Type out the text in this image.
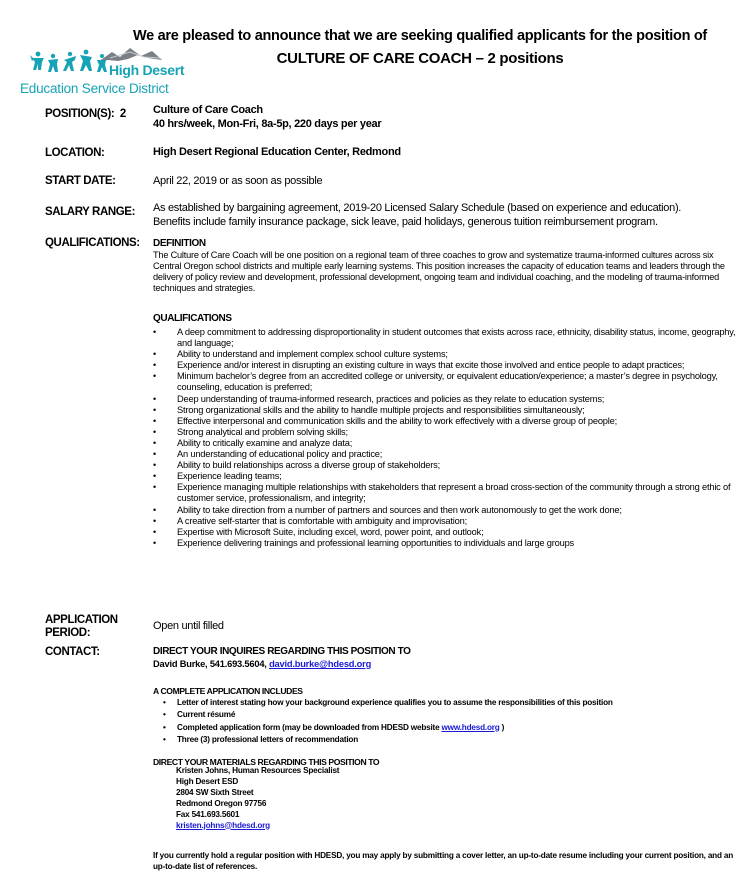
We are pleased to announce that we are seeking qualified applicants for the position of
CULTURE OF CARE COACH – 2 positions
High Desert
Education Service District
POSITION(S): 2 Culture of Care Coach
40 hrs/week, Mon-Fri, 8a-5p, 220 days per year
LOCATION:	High Desert Regional Education Center, Redmond
START DATE:	April 22, 2019 or as soon as possible
SALARY RANGE: As established by bargaining agreement, 2019-20 Licensed Salary Schedule (based on experience and education).
Benefits include family insurance package, sick leave, paid holidays, generous tuition reimbursement program.
QUALIFICATIONS: DEFINITION
The Culture of Care Coach will be one position on a regional team of three coaches to grow and systematize trauma-informed cultures across six Central Oregon school districts and multiple early learning systems. This position increases the capacity of education teams and leaders through the delivery of policy review and development, professional development, ongoing team and individual coaching, and the modeling of trauma-informed techniques and strategies.
QUALIFICATIONS
• A deep commitment to addressing disproportionality in student outcomes that exists across race, ethnicity, disability status, income, geography, and language;
• Ability to understand and implement complex school culture systems;
• Experience and/or interest in disrupting an existing culture in ways that excite those involved and entice people to adapt practices;
• Minimum bachelor’s degree from an accredited college or university, or equivalent education/experience; a master’s degree in psychology, counseling, education is preferred;
• Deep understanding of trauma-informed research, practices and policies as they relate to education systems;
• Strong organizational skills and the ability to handle multiple projects and responsibilities simultaneously;
• Effective interpersonal and communication skills and the ability to work effectively with a diverse group of people;
• Strong analytical and problem solving skills;
• Ability to critically examine and analyze data;
• An understanding of educational policy and practice;
• Ability to build relationships across a diverse group of stakeholders;
• Experience leading teams;
• Experience managing multiple relationships with stakeholders that represent a broad cross-section of the community through a strong ethic of customer service, professionalism, and integrity;
• Ability to take direction from a number of partners and sources and then work autonomously to get the work done;
• A creative self-starter that is comfortable with ambiguity and improvisation;
• Expertise with Microsoft Suite, including excel, word, power point, and outlook;
• Experience delivering trainings and professional learning opportunities to individuals and large groups
APPLICATION
PERIOD:
Open until filled
CONTACT:	DIRECT YOUR INQUIRES REGARDING THIS POSITION TO
David Burke, 541.693.5604, david.burke@hdesd.org
A COMPLETE APPLICATION INCLUDES
• Letter of interest stating how your background experience qualifies you to assume the responsibilities of this position
• Current résumé
• Completed application form (may be downloaded from HDESD website www.hdesd.org )
• Three (3) professional letters of recommendation
DIRECT YOUR MATERIALS REGARDING THIS POSITION TO
Kristen Johns, Human Resources Specialist
High Desert ESD
2804 SW Sixth Street
Redmond Oregon 97756
Fax 541.693.5601
kristen.johns@hdesd.org
If you currently hold a regular position with HDESD, you may apply by submitting a cover letter, an up-to-date resume including your current position, and an up-to-date list of references.
